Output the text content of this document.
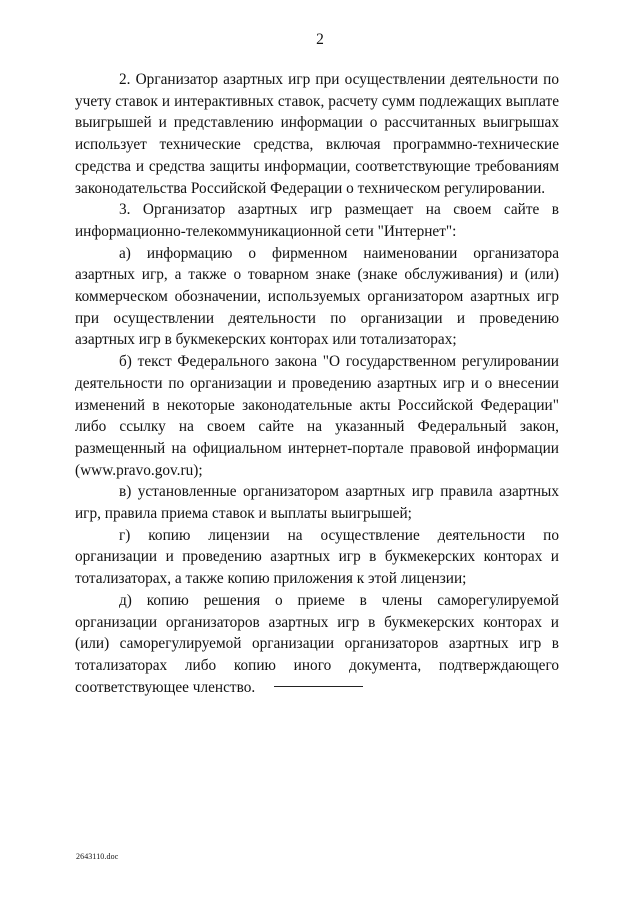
2

2. Организатор азартных игр при осуществлении деятельности по учету ставок и интерактивных ставок, расчету сумм подлежащих выплате выигрышей и представлению информации о рассчитанных выигрышах использует технические средства, включая программно-технические средства и средства защиты информации, соответствующие требованиям законодательства Российской Федерации о техническом регулировании.

3. Организатор азартных игр размещает на своем сайте в информационно-телекоммуникационной сети "Интернет":

а) информацию о фирменном наименовании организатора азартных игр, а также о товарном знаке (знаке обслуживания) и (или) коммерческом обозначении, используемых организатором азартных игр при осуществлении деятельности по организации и проведению азартных игр в букмекерских конторах или тотализаторах;

б) текст Федерального закона "О государственном регулировании деятельности по организации и проведению азартных игр и о внесении изменений в некоторые законодательные акты Российской Федерации" либо ссылку на своем сайте на указанный Федеральный закон, размещенный на официальном интернет-портале правовой информации (www.pravo.gov.ru);

в) установленные организатором азартных игр правила азартных игр, правила приема ставок и выплаты выигрышей;

г) копию лицензии на осуществление деятельности по организации и проведению азартных игр в букмекерских конторах и тотализаторах, а также копию приложения к этой лицензии;

д) копию решения о приеме в члены саморегулируемой организации организаторов азартных игр в букмекерских конторах и (или) саморегулируемой организации организаторов азартных игр в тотализаторах либо копию иного документа, подтверждающего соответствующее членство.

2643110.doc
